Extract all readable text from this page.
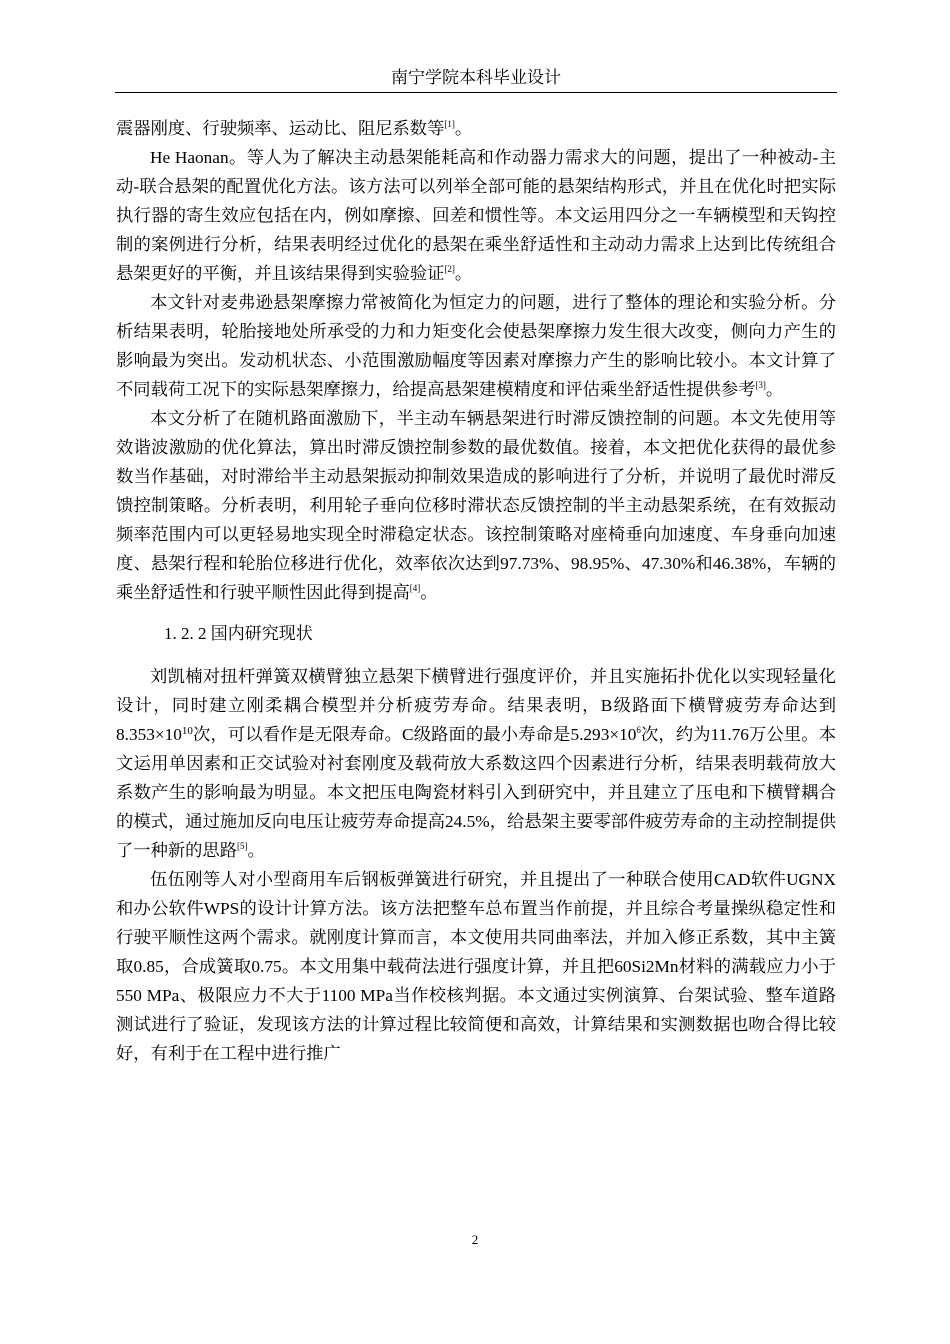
南宁学院本科毕业设计

震器刚度、行驶频率、运动比、阻尼系数等[1]。

He Haonan。等人为了解决主动悬架能耗高和作动器力需求大的问题，提出了一种被动-主动-联合悬架的配置优化方法。该方法可以列举全部可能的悬架结构形式，并且在优化时把实际执行器的寄生效应包括在内，例如摩擦、回差和惯性等。本文运用四分之一车辆模型和天钩控制的案例进行分析，结果表明经过优化的悬架在乘坐舒适性和主动动力需求上达到比传统组合悬架更好的平衡，并且该结果得到实验验证[2]。

本文针对麦弗逊悬架摩擦力常被简化为恒定力的问题，进行了整体的理论和实验分析。分析结果表明，轮胎接地处所承受的力和力矩变化会使悬架摩擦力发生很大改变，侧向力产生的影响最为突出。发动机状态、小范围激励幅度等因素对摩擦力产生的影响比较小。本文计算了不同载荷工况下的实际悬架摩擦力，给提高悬架建模精度和评估乘坐舒适性提供参考[3]。

本文分析了在随机路面激励下，半主动车辆悬架进行时滞反馈控制的问题。本文先使用等效谐波激励的优化算法，算出时滞反馈控制参数的最优数值。接着，本文把优化获得的最优参数当作基础，对时滞给半主动悬架振动抑制效果造成的影响进行了分析，并说明了最优时滞反馈控制策略。分析表明，利用轮子垂向位移时滞状态反馈控制的半主动悬架系统，在有效振动频率范围内可以更轻易地实现全时滞稳定状态。该控制策略对座椅垂向加速度、车身垂向加速度、悬架行程和轮胎位移进行优化，效率依次达到97.73%、98.95%、47.30%和46.38%，车辆的乘坐舒适性和行驶平顺性因此得到提高[4]。

1. 2. 2 国内研究现状

刘凯楠对扭杆弹簧双横臂独立悬架下横臂进行强度评价，并且实施拓扑优化以实现轻量化设计，同时建立刚柔耦合模型并分析疲劳寿命。结果表明，B级路面下横臂疲劳寿命达到$8.353\times 10^{10}$次，可以看作是无限寿命。C级路面的最小寿命是$5.293\times 10^6$次，约为11.76万公里。本文运用单因素和正交试验对衬套刚度及载荷放大系数这四个因素进行分析，结果表明载荷放大系数产生的影响最为明显。本文把压电陶瓷材料引入到研究中，并且建立了压电和下横臂耦合的模式，通过施加反向电压让疲劳寿命提高24.5%，给悬架主要零部件疲劳寿命的主动控制提供了一种新的思路[5]。

伍伍刚等人对小型商用车后钢板弹簧进行研究，并且提出了一种联合使用CAD软件UGNX和办公软件WPS的设计计算方法。该方法把整车总布置当作前提，并且综合考量操纵稳定性和行驶平顺性这两个需求。就刚度计算而言，本文使用共同曲率法，并加入修正系数，其中主簧取0.85，合成簧取0.75。本文用集中载荷法进行强度计算，并且把60Si2Mn材料的满载应力小于550 MPa、极限应力不大于1100 MPa当作校核判据。本文通过实例演算、台架试验、整车道路测试进行了验证，发现该方法的计算过程比较简便和高效，计算结果和实测数据也吻合得比较好，有利于在工程中进行推广

2
